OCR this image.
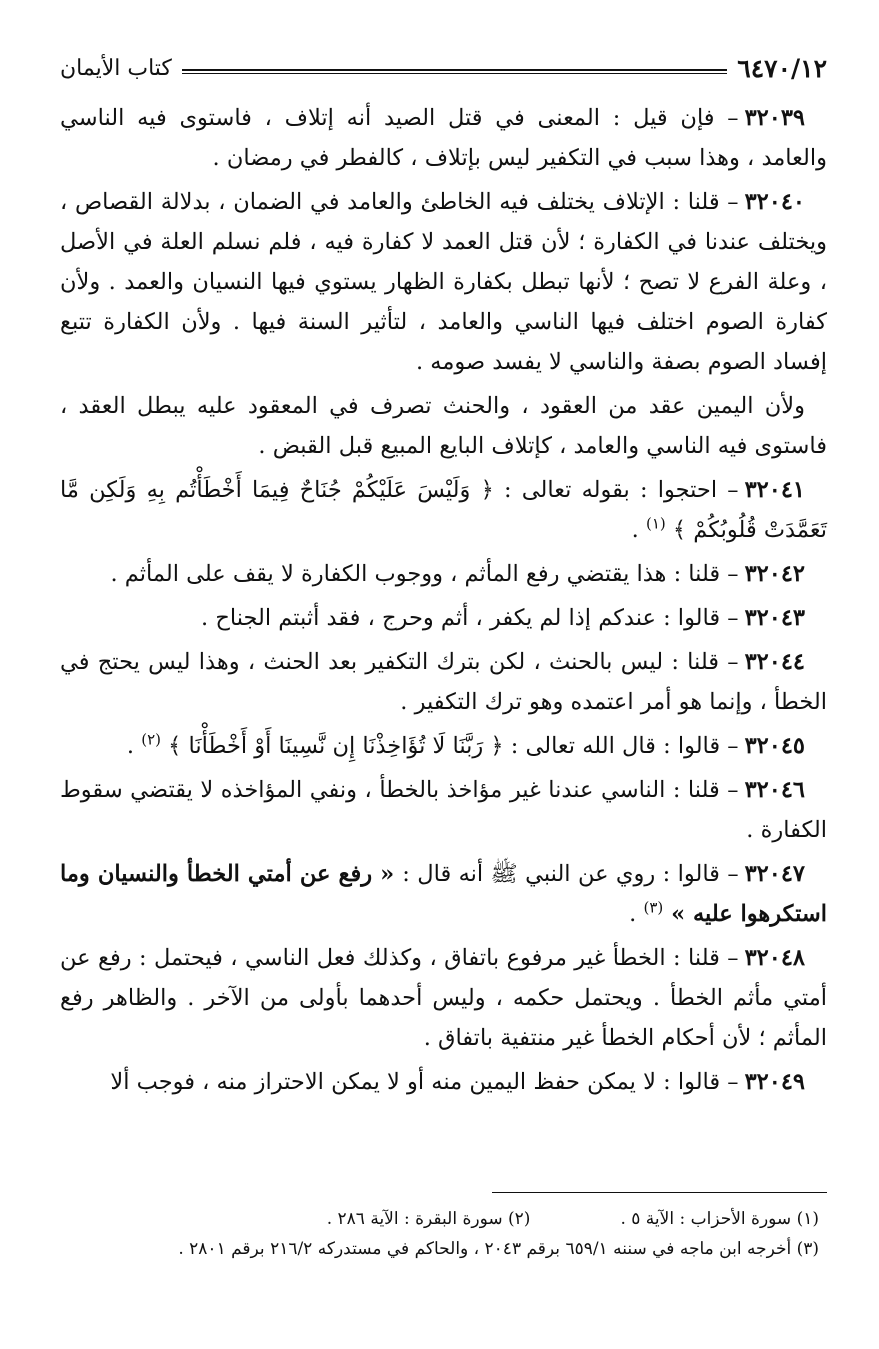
٦٤٧٠/١٢
كتاب الأيمان

٣٢٠٣٩– فإن قيل : المعنى في قتل الصيد أنه إتلاف ، فاستوى فيه الناسي والعامد ، وهذا سبب في التكفير ليس بإتلاف ، كالفطر في رمضان .

٣٢٠٤٠– قلنا : الإتلاف يختلف فيه الخاطئ والعامد في الضمان ، بدلالة القصاص ، ويختلف عندنا في الكفارة ؛ لأن قتل العمد لا كفارة فيه ، فلم نسلم العلة في الأصل ، وعلة الفرع لا تصح ؛ لأنها تبطل بكفارة الظهار يستوي فيها النسيان والعمد . ولأن كفارة الصوم اختلف فيها الناسي والعامد ، لتأثير السنة فيها . ولأن الكفارة تتبع إفساد الصوم بصفة والناسي لا يفسد صومه .

ولأن اليمين عقد من العقود ، والحنث تصرف في المعقود عليه يبطل العقد ، فاستوى فيه الناسي والعامد ، كإتلاف البايع المبيع قبل القبض .

٣٢٠٤١– احتجوا : بقوله تعالى : ﴿ وَلَيْسَ عَلَيْكُمْ جُنَاحٌ فِيمَا أَخْطَأْتُم بِهِ وَلَكِن مَّا تَعَمَّدَتْ قُلُوبُكُمْ ﴾ $^{(١)}$ .

٣٢٠٤٢– قلنا : هذا يقتضي رفع المأثم ، ووجوب الكفارة لا يقف على المأثم .

٣٢٠٤٣– قالوا : عندكم إذا لم يكفر ، أثم وحرج ، فقد أثبتم الجناح .

٣٢٠٤٤– قلنا : ليس بالحنث ، لكن بترك التكفير بعد الحنث ، وهذا ليس يحتج في الخطأ ، وإنما هو أمر اعتمده وهو ترك التكفير .

٣٢٠٤٥– قالوا : قال الله تعالى : ﴿ رَبَّنَا لَا تُؤَاخِذْنَا إِن نَّسِينَا أَوْ أَخْطَأْنَا ﴾ $^{(٢)}$ .

٣٢٠٤٦– قلنا : الناسي عندنا غير مؤاخذ بالخطأ ، ونفي المؤاخذه لا يقتضي سقوط الكفارة .

٣٢٠٤٧– قالوا : روي عن النبي ﷺ أنه قال : « رفع عن أمتي الخطأ والنسيان وما استكرهوا عليه » $^{(٣)}$ .

٣٢٠٤٨– قلنا : الخطأ غير مرفوع باتفاق ، وكذلك فعل الناسي ، فيحتمل : رفع عن أمتي مأثم الخطأ . ويحتمل حكمه ، وليس أحدهما بأولى من الآخر . والظاهر رفع المأثم ؛ لأن أحكام الخطأ غير منتفية باتفاق .

٣٢٠٤٩– قالوا : لا يمكن حفظ اليمين منه أو لا يمكن الاحتراز منه ، فوجب ألا

(١) سورة الأحزاب : الآية ٥ .
(٢) سورة البقرة : الآية ٢٨٦ .
(٣) أخرجه ابن ماجه في سننه ٦٥٩/١ برقم ٢٠٤٣ ، والحاكم في مستدركه ٢١٦/٢ برقم ٢٨٠١ .
